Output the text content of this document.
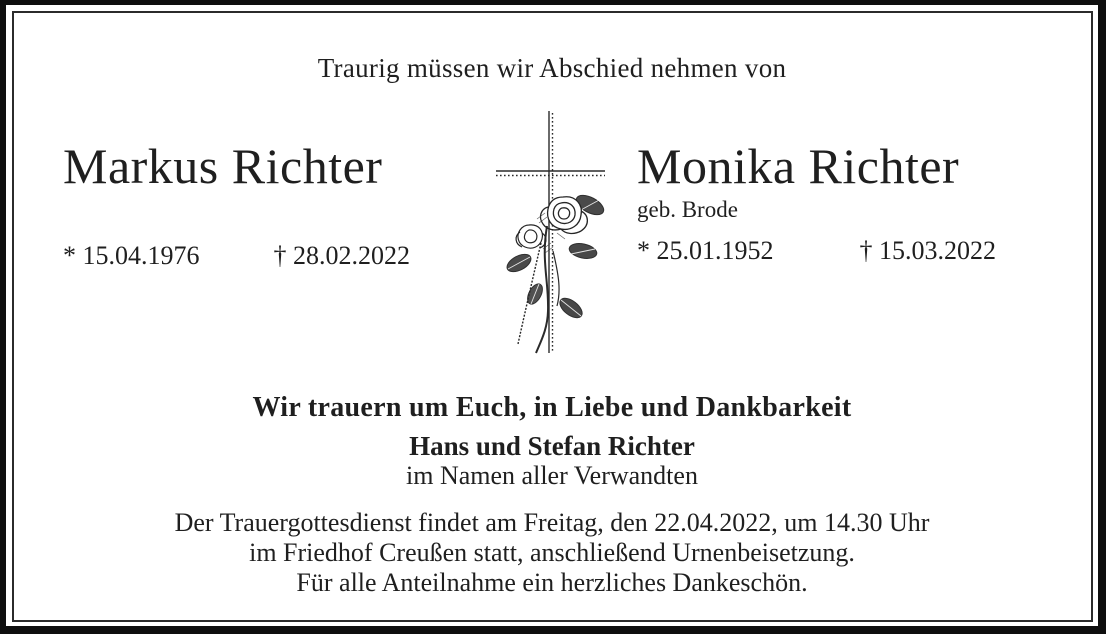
Traurig müssen wir Abschied nehmen von
Markus Richter
* 15.04.1976	† 28.02.2022
Monika Richter
geb. Brode
* 25.01.1952	† 15.03.2022
Wir trauern um Euch, in Liebe und Dankbarkeit
Hans und Stefan Richter
im Namen aller Verwandten
Der Trauergottesdienst findet am Freitag, den 22.04.2022, um 14.30 Uhr
im Friedhof Creußen statt, anschließend Urnenbeisetzung.
Für alle Anteilnahme ein herzliches Dankeschön.
